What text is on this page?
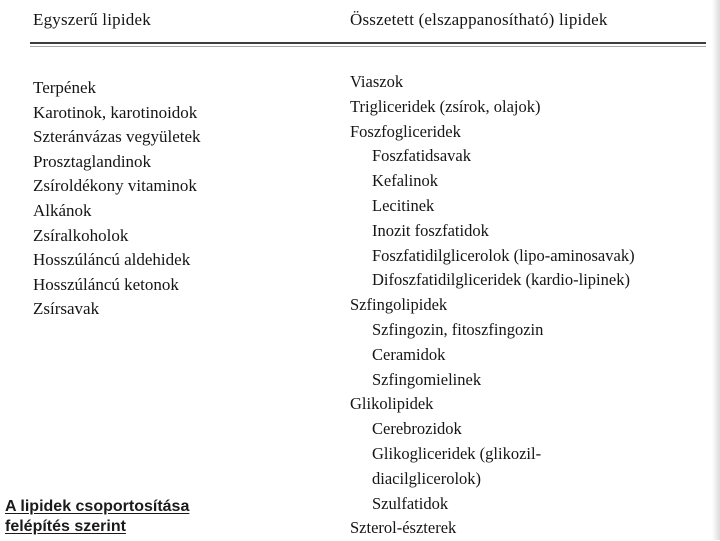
Egyszerű lipidek	Összetett (elszappanosítható) lipidek
Terpének
Karotinok, karotinoidok
Szteránvázas vegyületek
Prosztaglandinok
Zsíroldékony vitaminok
Alkánok
Zsíralkoholok
Hosszúláncú aldehidek
Hosszúláncú ketonok
Zsírsavak
Viaszok
Trigliceridek (zsírok, olajok)
Foszfogliceridek
Foszfatidsavak
Kefalinok
Lecitinek
Inozit foszfatidok
Foszfatidilglicerolok (lipo-aminosavak)
Difoszfatidilgliceridek (kardio-lipinek)
Szfingolipidek
Szfingozin, fitoszfingozin
Ceramidok
Szfingomielinek
Glikolipidek
Cerebrozidok
Glikogliceridek (glikozil-
diacilglicerolok)
Szulfatidok
Szterol-észterek
A lipidek csoportosítása
felépítés szerint
